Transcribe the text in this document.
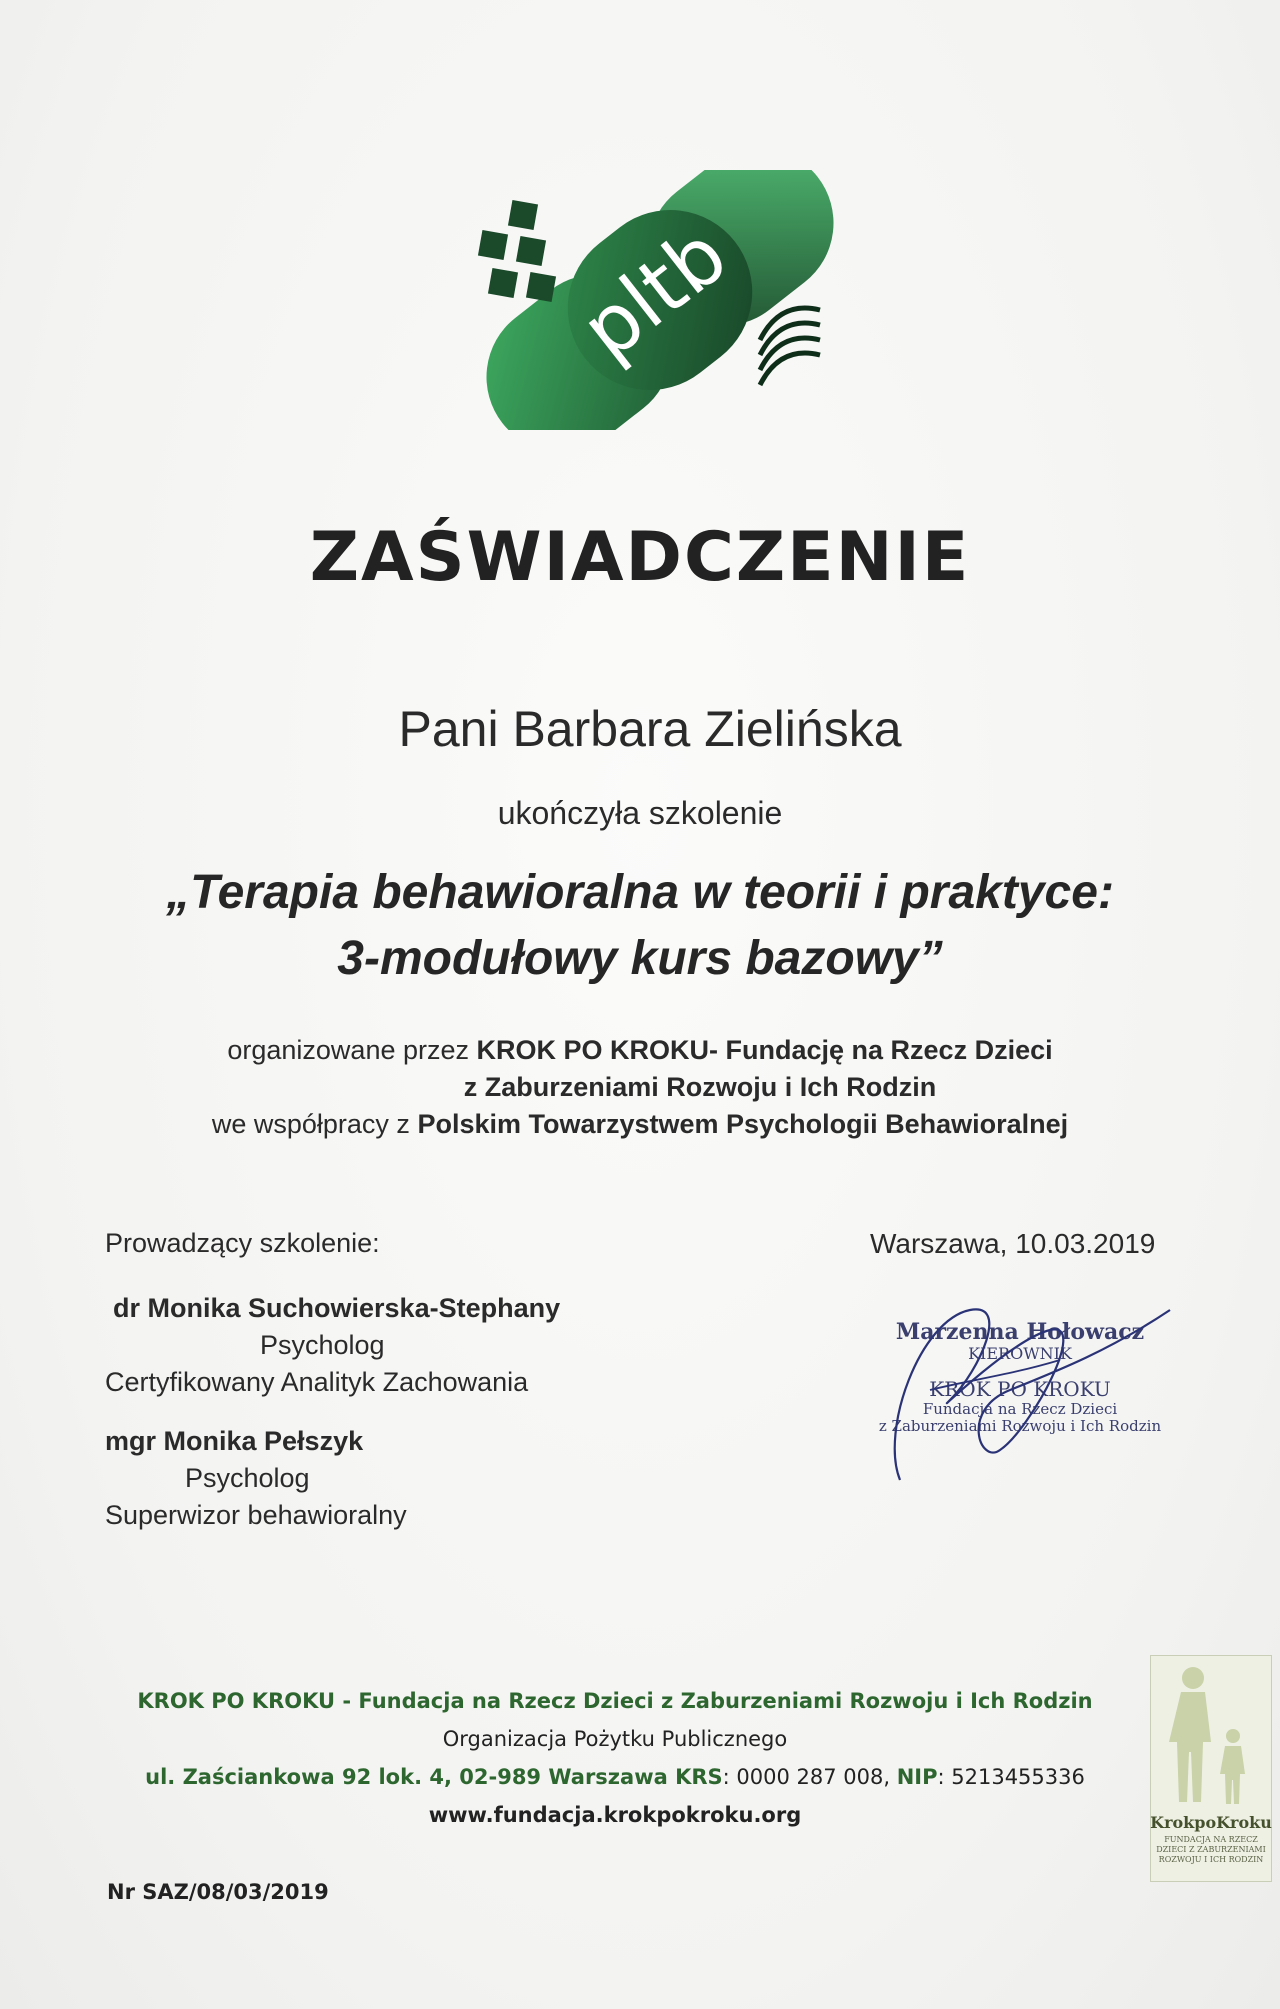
pltb
ZAŚWIADCZENIE
Pani Barbara Zielińska
ukończyła szkolenie
„Terapia behawioralna w teorii i praktyce:
3-modułowy kurs bazowy”
organizowane przez KROK PO KROKU- Fundację na Rzecz Dzieci
z Zaburzeniami Rozwoju i Ich Rodzin
we współpracy z Polskim Towarzystwem Psychologii Behawioralnej
Prowadzący szkolenie:
dr Monika Suchowierska-Stephany
Psycholog
Certyfikowany Analityk Zachowania
mgr Monika Pełszyk
Psycholog
Superwizor behawioralny
Warszawa, 10.03.2019
Marzenna Hołowacz
KIEROWNIK
KROK PO KROKU
Fundacja na Rzecz Dzieci
z Zaburzeniami Rozwoju i Ich Rodzin
KROK PO KROKU - Fundacja na Rzecz Dzieci z Zaburzeniami Rozwoju i Ich Rodzin
Organizacja Pożytku Publicznego
ul. Zaściankowa 92 lok. 4, 02-989 Warszawa KRS: 0000 287 008, NIP: 5213455336
www.fundacja.krokpokroku.org	KrokpoKroku
FUNDACJA NA RZECZ
DZIECI Z ZABURZENIAMI
ROZWOJU I ICH RODZIN
Nr SAZ/08/03/2019
